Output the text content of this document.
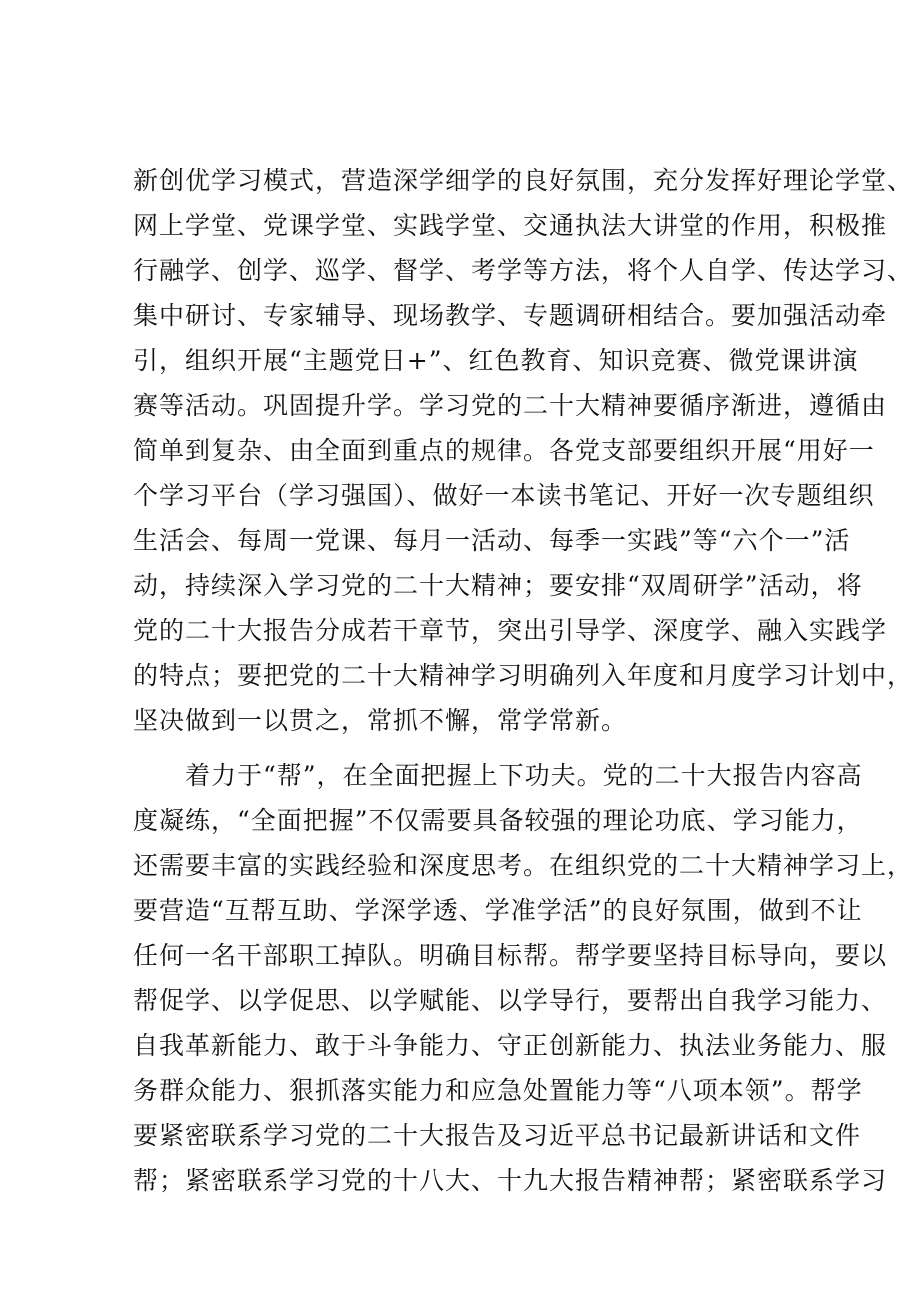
新创优学习模式，营造深学细学的良好氛围，充分发挥好理论学堂、
网上学堂、党课学堂、实践学堂、交通执法大讲堂的作用，积极推
行融学、创学、巡学、督学、考学等方法，将个人自学、传达学习、
集中研讨、专家辅导、现场教学、专题调研相结合。要加强活动牵
引，组织开展“主题党日+”、红色教育、知识竞赛、微党课讲演
赛等活动。巩固提升学。学习党的二十大精神要循序渐进，遵循由
简单到复杂、由全面到重点的规律。各党支部要组织开展“用好一
个学习平台（学习强国）、做好一本读书笔记、开好一次专题组织
生活会、每周一党课、每月一活动、每季一实践”等“六个一”活
动，持续深入学习党的二十大精神；要安排“双周研学”活动，将
党的二十大报告分成若干章节，突出引导学、深度学、融入实践学
的特点；要把党的二十大精神学习明确列入年度和月度学习计划中，
坚决做到一以贯之，常抓不懈，常学常新。
　　着力于“帮”，在全面把握上下功夫。党的二十大报告内容高
度凝练，“全面把握”不仅需要具备较强的理论功底、学习能力，
还需要丰富的实践经验和深度思考。在组织党的二十大精神学习上，
要营造“互帮互助、学深学透、学准学活”的良好氛围，做到不让
任何一名干部职工掉队。明确目标帮。帮学要坚持目标导向，要以
帮促学、以学促思、以学赋能、以学导行，要帮出自我学习能力、
自我革新能力、敢于斗争能力、守正创新能力、执法业务能力、服
务群众能力、狠抓落实能力和应急处置能力等“八项本领”。帮学
要紧密联系学习党的二十大报告及习近平总书记最新讲话和文件
帮；紧密联系学习党的十八大、十九大报告精神帮；紧密联系学习
